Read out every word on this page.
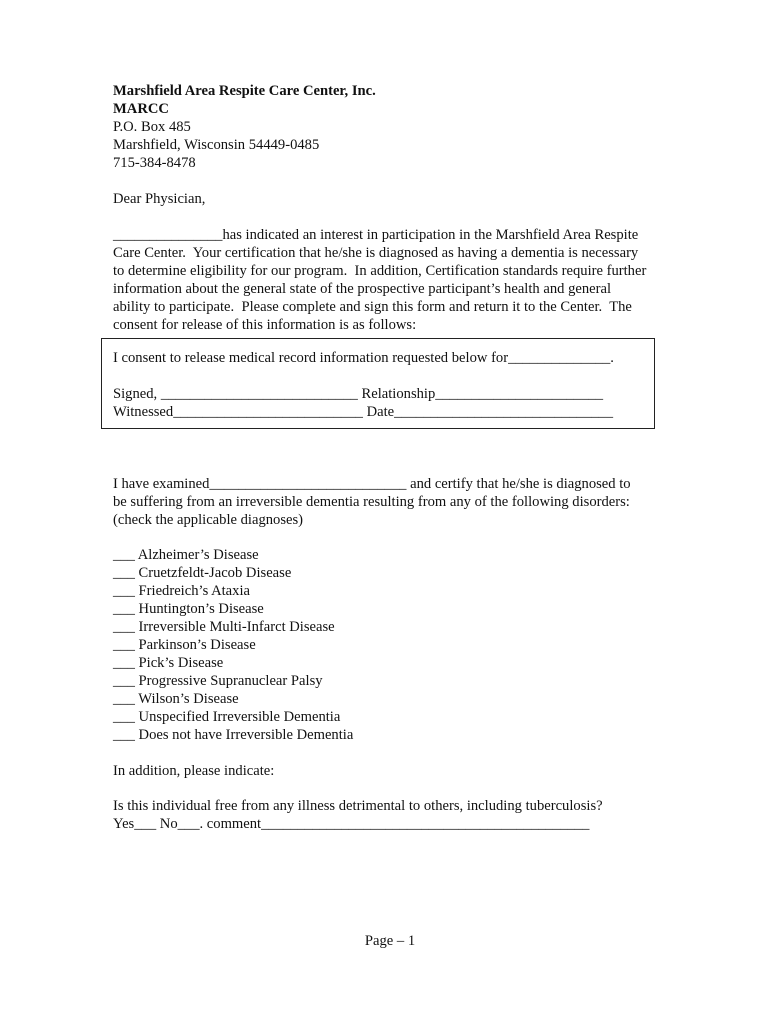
Marshfield Area Respite Care Center, Inc.
MARCC
P.O. Box 485
Marshfield, Wisconsin 54449-0485
715-384-8478
Dear Physician,
_______________has indicated an interest in participation in the Marshfield Area Respite
Care Center.  Your certification that he/she is diagnosed as having a dementia is necessary
to determine eligibility for our program.  In addition, Certification standards require further
information about the general state of the prospective participant’s health and general
ability to participate.  Please complete and sign this form and return it to the Center.  The
consent for release of this information is as follows:
I consent to release medical record information requested below for______________.
Signed, ___________________________ Relationship_______________________
Witnessed__________________________ Date______________________________
I have examined___________________________ and certify that he/she is diagnosed to
be suffering from an irreversible dementia resulting from any of the following disorders:
(check the applicable diagnoses)
___ Alzheimer’s Disease
___ Cruetzfeldt-Jacob Disease
___ Friedreich’s Ataxia
___ Huntington’s Disease
___ Irreversible Multi-Infarct Disease
___ Parkinson’s Disease
___ Pick’s Disease
___ Progressive Supranuclear Palsy
___ Wilson’s Disease
___ Unspecified Irreversible Dementia
___ Does not have Irreversible Dementia
In addition, please indicate:
Is this individual free from any illness detrimental to others, including tuberculosis?
Yes___ No___. comment_____________________________________________
Page – 1
